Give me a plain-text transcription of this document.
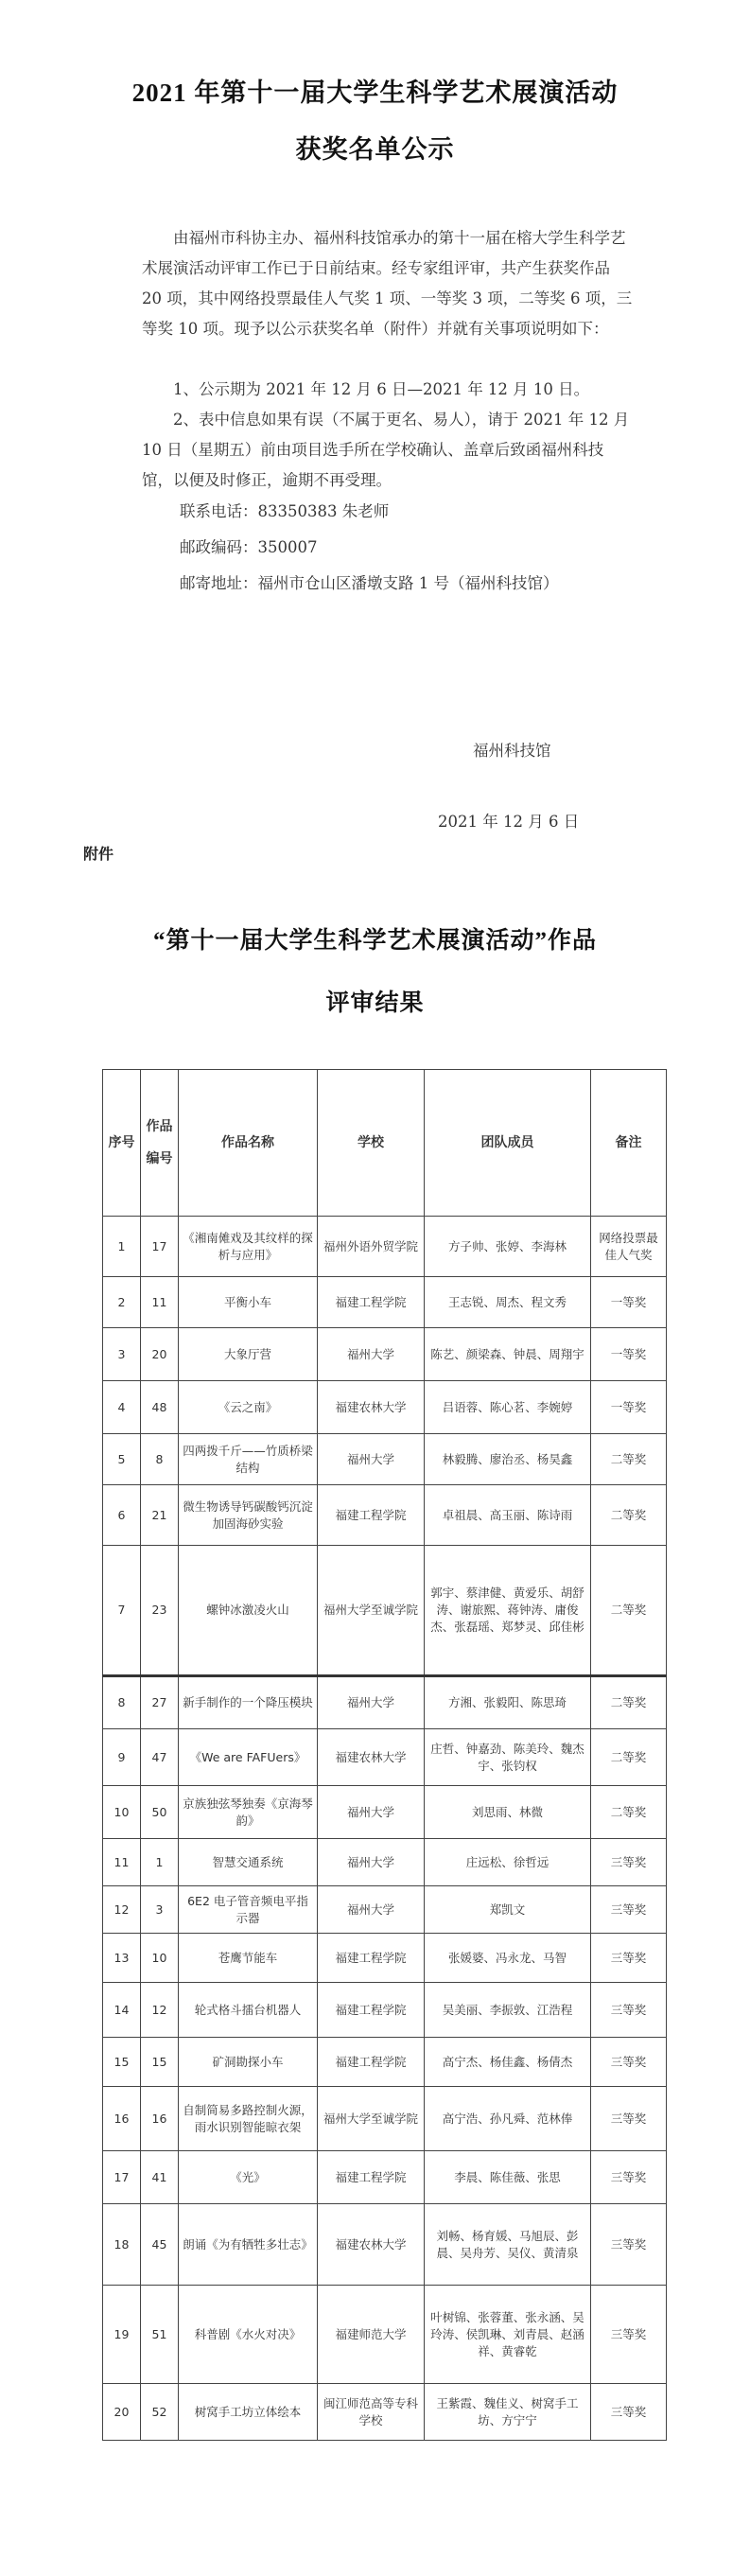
2021 年第十一届大学生科学艺术展演活动
获奖名单公示

由福州市科协主办、福州科技馆承办的第十一届在榕大学生科学艺术展演活动评审工作已于日前结束。经专家组评审，共产生获奖作品 20 项，其中网络投票最佳人气奖 1 项、一等奖 3 项，二等奖 6 项，三等奖 10 项。现予以公示获奖名单（附件）并就有关事项说明如下：

1、公示期为 2021 年 12 月 6 日—2021 年 12 月 10 日。

2、表中信息如果有误（不属于更名、易人），请于 2021 年 12 月 10 日（星期五）前由项目选手所在学校确认、盖章后致函福州科技馆，以便及时修正，逾期不再受理。

联系电话：83350383 朱老师
邮政编码：350007
邮寄地址：福州市仓山区潘墩支路 1 号（福州科技馆）
福州科技馆
2021 年 12 月 6 日
附件
“第十一届大学生科学艺术展演活动”作品
评审结果
序号	作品编号	作品名称	学校	团队成员	备注
1	17	《湘南傩戏及其纹样的探析与应用》	福州外语外贸学院	方子帅、张婷、李海林	网络投票最佳人气奖
2	11	平衡小车	福建工程学院	王志锐、周杰、程文秀	一等奖
3	20	大象厅营	福州大学	陈艺、颜梁森、钟晨、周翔宇	一等奖
4	48	《云之南》	福建农林大学	吕语蓉、陈心茗、李婉婷	一等奖
5	8	四两拨千斤——竹质桥梁结构	福州大学	林毅腾、廖治丞、杨昊鑫	二等奖
6	21	微生物诱导钙碳酸钙沉淀加固海砂实验	福建工程学院	卓祖晨、高玉丽、陈诗雨	二等奖
7	23	螺钟冰激凌火山	福州大学至诚学院	郭宇、蔡津健、黄爱乐、胡舒涛、谢旅熙、蒋钟涛、庸俊杰、张磊瑶、郑梦灵、邱佳彬	二等奖
8	27	新手制作的一个降压模块	福州大学	方湘、张毅阳、陈思琦	二等奖
9	47	《We are FAFUers》	福建农林大学	庄哲、钟嘉劲、陈美玲、魏杰宇、张钧权	二等奖
10	50	京族独弦琴独奏《京海琴韵》	福州大学	刘思雨、林微	二等奖
11	1	智慧交通系统	福州大学	庄远松、徐哲远	三等奖
12	3	6E2 电子管音频电平指示器	福州大学	郑凯文	三等奖
13	10	苍鹰节能车	福建工程学院	张媛婆、冯永龙、马智	三等奖
14	12	轮式格斗擂台机器人	福建工程学院	吴美丽、李振敦、江浩程	三等奖
15	15	矿洞勘探小车	福建工程学院	高宁杰、杨佳鑫、杨倩杰	三等奖
16	16	自制简易多路控制火源，雨水识别智能晾衣架	福州大学至诚学院	高宁浩、孙凡舜、范林俸	三等奖
17	41	《光》	福建工程学院	李晨、陈佳薇、张思	三等奖
18	45	朗诵《为有牺牲多壮志》	福建农林大学	刘畅、杨育媛、马旭辰、彭晨、吴舟芳、吴仪、黄清泉	三等奖
19	51	科普剧《水火对决》	福建师范大学	叶树锦、张蓉董、张永涵、吴玲涛、侯凯琳、刘青晨、赵涵祥、黄睿乾	三等奖
20	52	树窝手工坊立体绘本	闽江师范高等专科学校	王紫霞、魏佳义、树窝手工坊、方宁宁	三等奖
